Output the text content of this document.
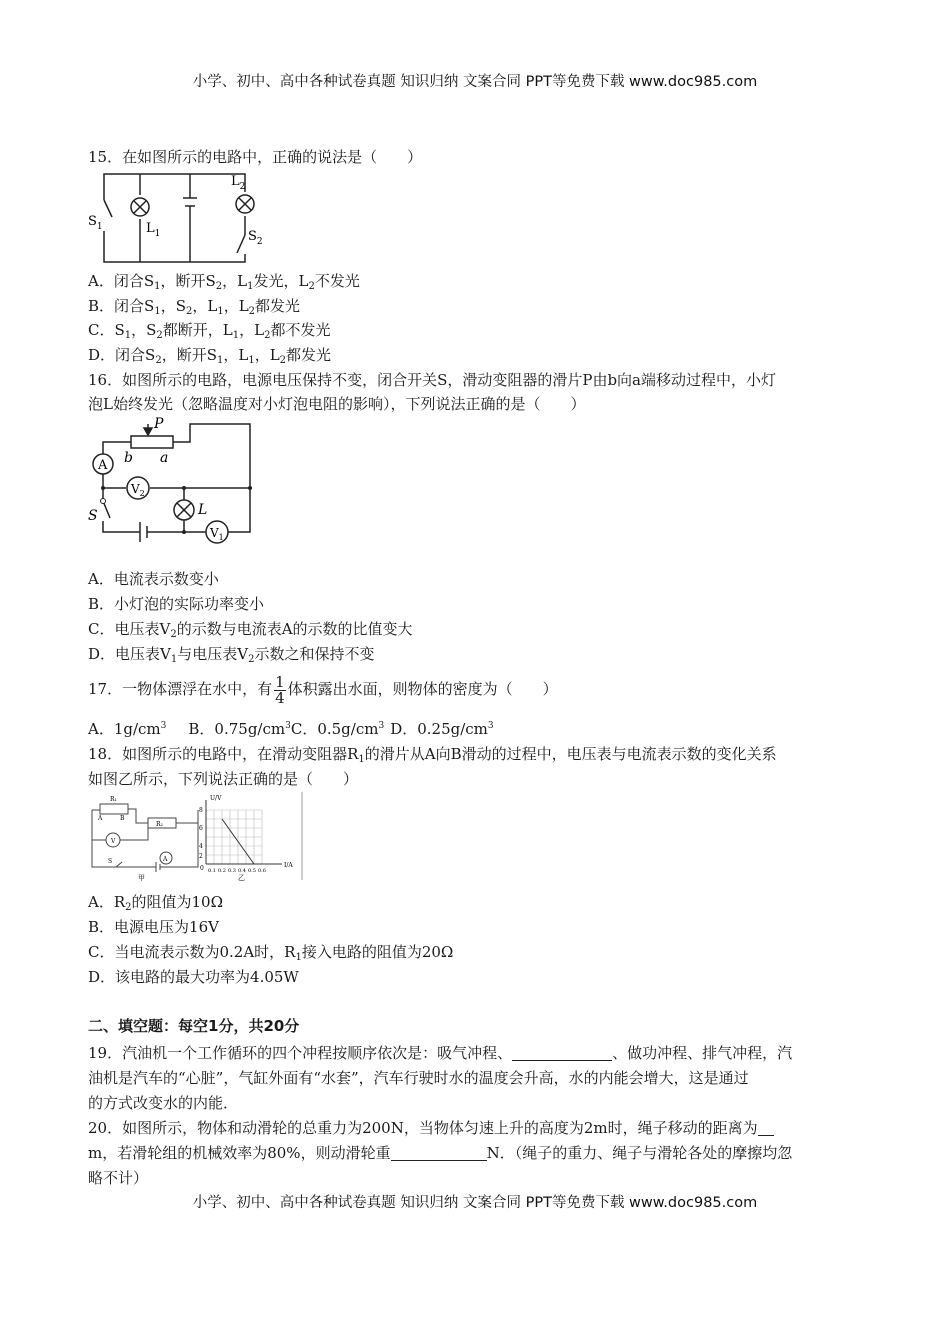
小学、初中、高中各种试卷真题 知识归纳 文案合同 PPT等免费下载 www.doc985.com
15．在如图所示的电路中，正确的说法是（　　）
$S_1$	$L_1$
$L_2$
$S_2$
A．闭合$S_1$，断开$S_2$，$L_1$发光，$L_2$不发光
B．闭合$S_1$，$S_2$，$L_1$，$L_2$都发光
C．$S_1$，$S_2$都断开，$L_1$，$L_2$都不发光
D．闭合$S_2$，断开$S_1$，$L_1$，$L_2$都发光
16．如图所示的电路，电源电压保持不变，闭合开关S，滑动变阻器的滑片P由b向a端移动过程中，小灯
泡L始终发光（忽略温度对小灯泡电阻的影响），下列说法正确的是（　　）
P
b a
A
$V_2$
L
S
$V_1$
A．电流表示数变小
B．小灯泡的实际功率变小
C．电压表$V_2$的示数与电流表A的示数的比值变大
D．电压表$V_1$与电压表$V_2$示数之和保持不变
17．一物体漂浮在水中，有 $\frac{1}{4}$ 体积露出水面，则物体的密度为（　　）
A．$1g/cm^3$ B．$0.75g/cm^3C$．$0.5g/cm^3$ D．$0.25g/cm^3$
18．如图所示的电路中，在滑动变阻器$R_1$的滑片从A向B滑动的过程中，电压表与电流表示数的变化关系
如图乙所示，下列说法正确的是（　　）
R₁
A	B
R₂
V
S	A
甲
U/V
I/A
0
8
6
4
2
0.1 0.2 0.3 0.4 0.5 0.6
乙
A．$R_2$的阻值为10Ω
B．电源电压为16V
C．当电流表示数为0.2A时，$R_1$接入电路的阻值为20Ω
D．该电路的最大功率为4.05W
二、填空题：每空1分，共20分
19．汽油机一个工作循环的四个冲程按顺序依次是：吸气冲程、	、做功冲程、排气冲程，汽
油机是汽车的“心脏”，气缸外面有“水套”，汽车行驶时水的温度会升高，水的内能会增大，这是通过
的方式改变水的内能．
20．如图所示，物体和动滑轮的总重力为200N，当物体匀速上升的高度为2m时，绳子移动的距离为
m，若滑轮组的机械效率为80%，则动滑轮重	N．（绳子的重力、绳子与滑轮各处的摩擦均忽
略不计）
小学、初中、高中各种试卷真题 知识归纳 文案合同 PPT等免费下载 www.doc985.com
